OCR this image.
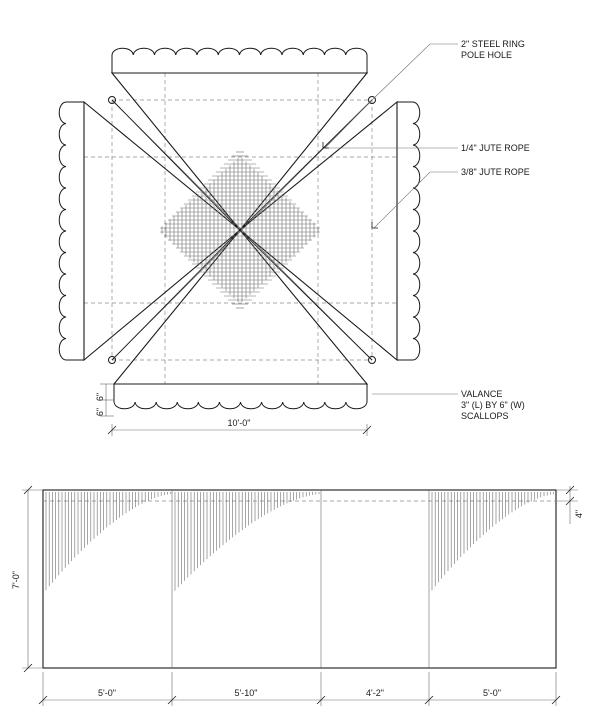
2" STEEL RING
POLE HOLE
1/4" JUTE ROPE
3/8" JUTE ROPE
VALANCE
3" (L) BY 6" (W)
SCALLOPS
10'-0"
6"
6"
7'-0"
4"
5'-0"	5'-10"	4'-2"	5'-0"
